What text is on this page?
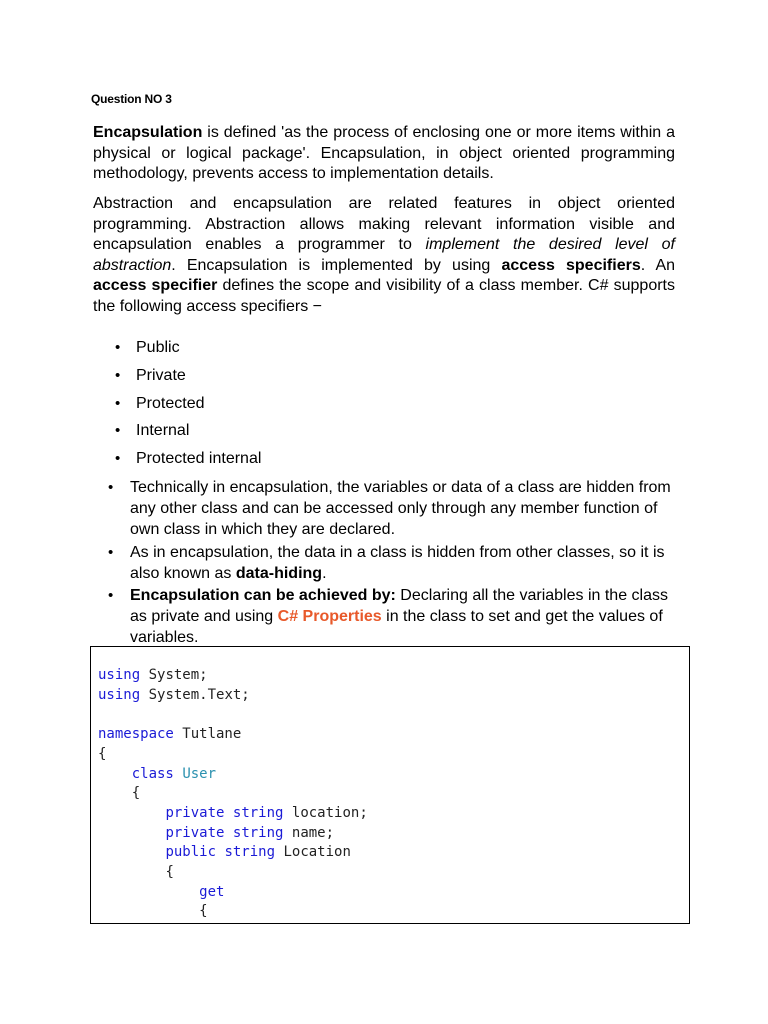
Question NO 3

Encapsulation is defined 'as the process of enclosing one or more items within a physical or logical package'. Encapsulation, in object oriented programming methodology, prevents access to implementation details.

Abstraction and encapsulation are related features in object oriented programming. Abstraction allows making relevant information visible and encapsulation enables a programmer to implement the desired level of abstraction. Encapsulation is implemented by using access specifiers. An access specifier defines the scope and visibility of a class member. C# supports the following access specifiers −

• Public
• Private
• Protected
• Internal
• Protected internal
• Technically in encapsulation, the variables or data of a class are hidden from any other class and can be accessed only through any member function of own class in which they are declared.
• As in encapsulation, the data in a class is hidden from other classes, so it is also known as data-hiding.
• Encapsulation can be achieved by: Declaring all the variables in the class as private and using C# Properties in the class to set and get the values of variables.
using System;
using System.Text;

namespace Tutlane
{
class User
{
private string location;
private string name;
public string Location
{
get
{
